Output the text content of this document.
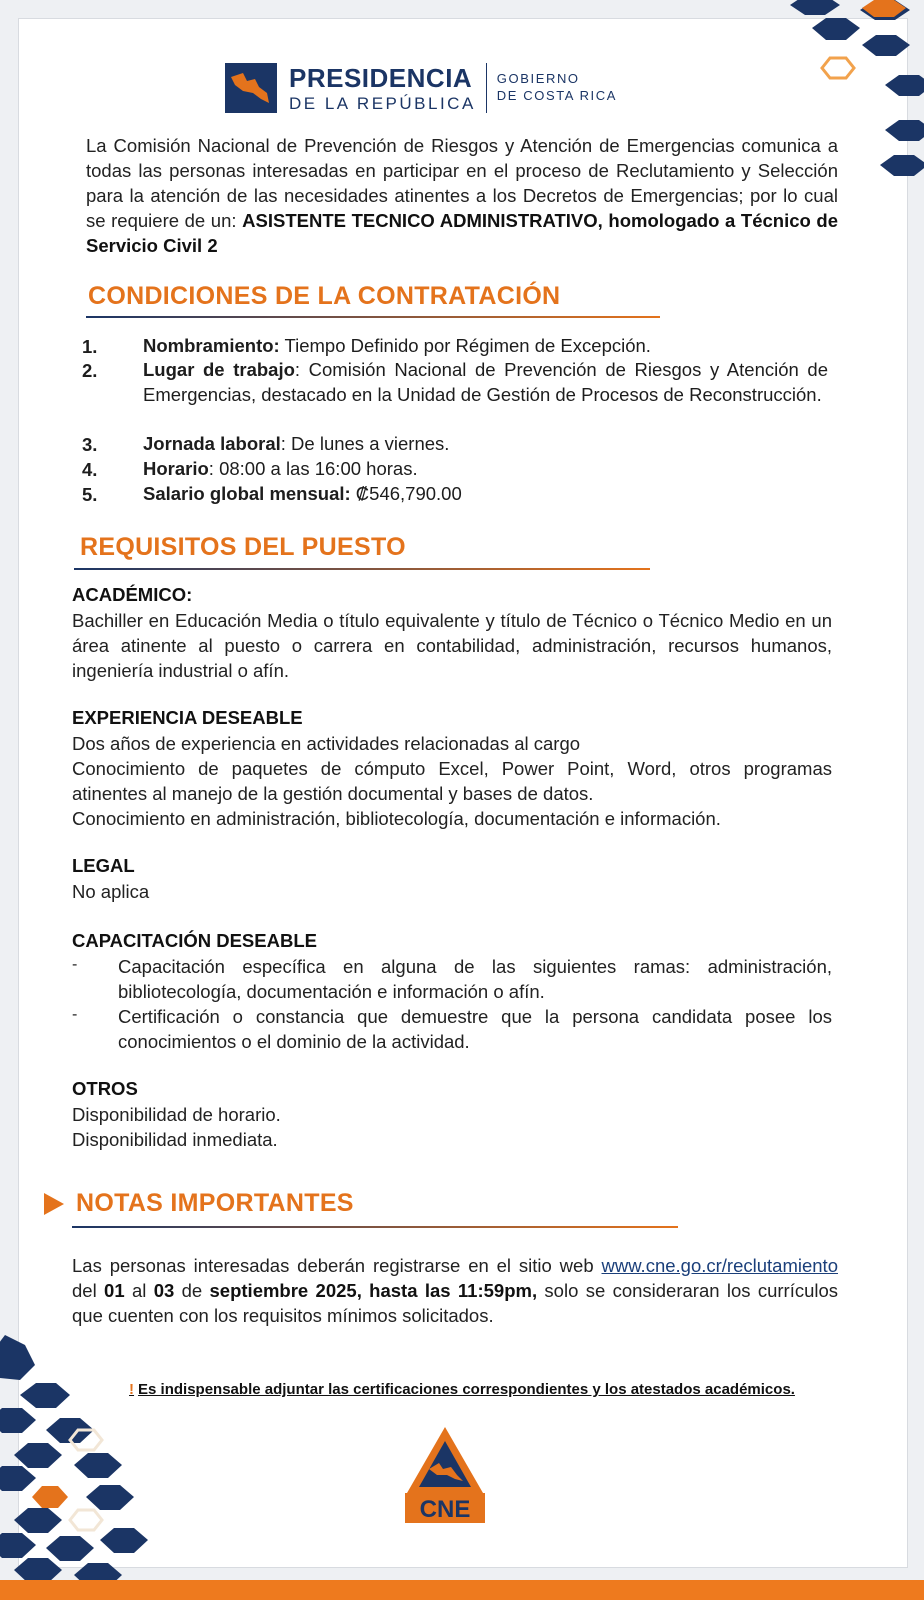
PRESIDENCIA
DE LA REPÚBLICA
GOBIERNO
DE COSTA RICA
La Comisión Nacional de Prevención de Riesgos y Atención de Emergencias comunica a todas las personas interesadas en participar en el proceso de Reclutamiento y Selección para la atención de las necesidades atinentes a los Decretos de Emergencias; por lo cual se requiere de un: ASISTENTE TECNICO ADMINISTRATIVO, homologado a Técnico de Servicio Civil 2
CONDICIONES DE LA CONTRATACIÓN
1. Nombramiento: Tiempo Definido por Régimen de Excepción.
2. Lugar de trabajo: Comisión Nacional de Prevención de Riesgos y Atención de Emergencias, destacado en la Unidad de Gestión de Procesos de Reconstrucción.
3. Jornada laboral: De lunes a viernes.
4. Horario: 08:00 a las 16:00 horas.
5. Salario global mensual: ₡546,790.00
REQUISITOS DEL PUESTO
ACADÉMICO:
Bachiller en Educación Media o título equivalente y título de Técnico o Técnico Medio en un área atinente al puesto o carrera en contabilidad, administración, recursos humanos, ingeniería industrial o afín.
EXPERIENCIA DESEABLE
Dos años de experiencia en actividades relacionadas al cargo
Conocimiento de paquetes de cómputo Excel, Power Point, Word, otros programas atinentes al manejo de la gestión documental y bases de datos.
Conocimiento en administración, bibliotecología, documentación e información.
LEGAL
No aplica
CAPACITACIÓN DESEABLE
- Capacitación específica en alguna de las siguientes ramas: administración, bibliotecología, documentación e información o afín.
- Certificación o constancia que demuestre que la persona candidata posee los conocimientos o el dominio de la actividad.
OTROS
Disponibilidad de horario.
Disponibilidad inmediata.
NOTAS IMPORTANTES
Las personas interesadas deberán registrarse en el sitio web www.cne.go.cr/reclutamiento del 01 al 03 de septiembre 2025, hasta las 11:59pm, solo se consideraran los currículos que cuenten con los requisitos mínimos solicitados.
! Es indispensable adjuntar las certificaciones correspondientes y los atestados académicos.
CNE
